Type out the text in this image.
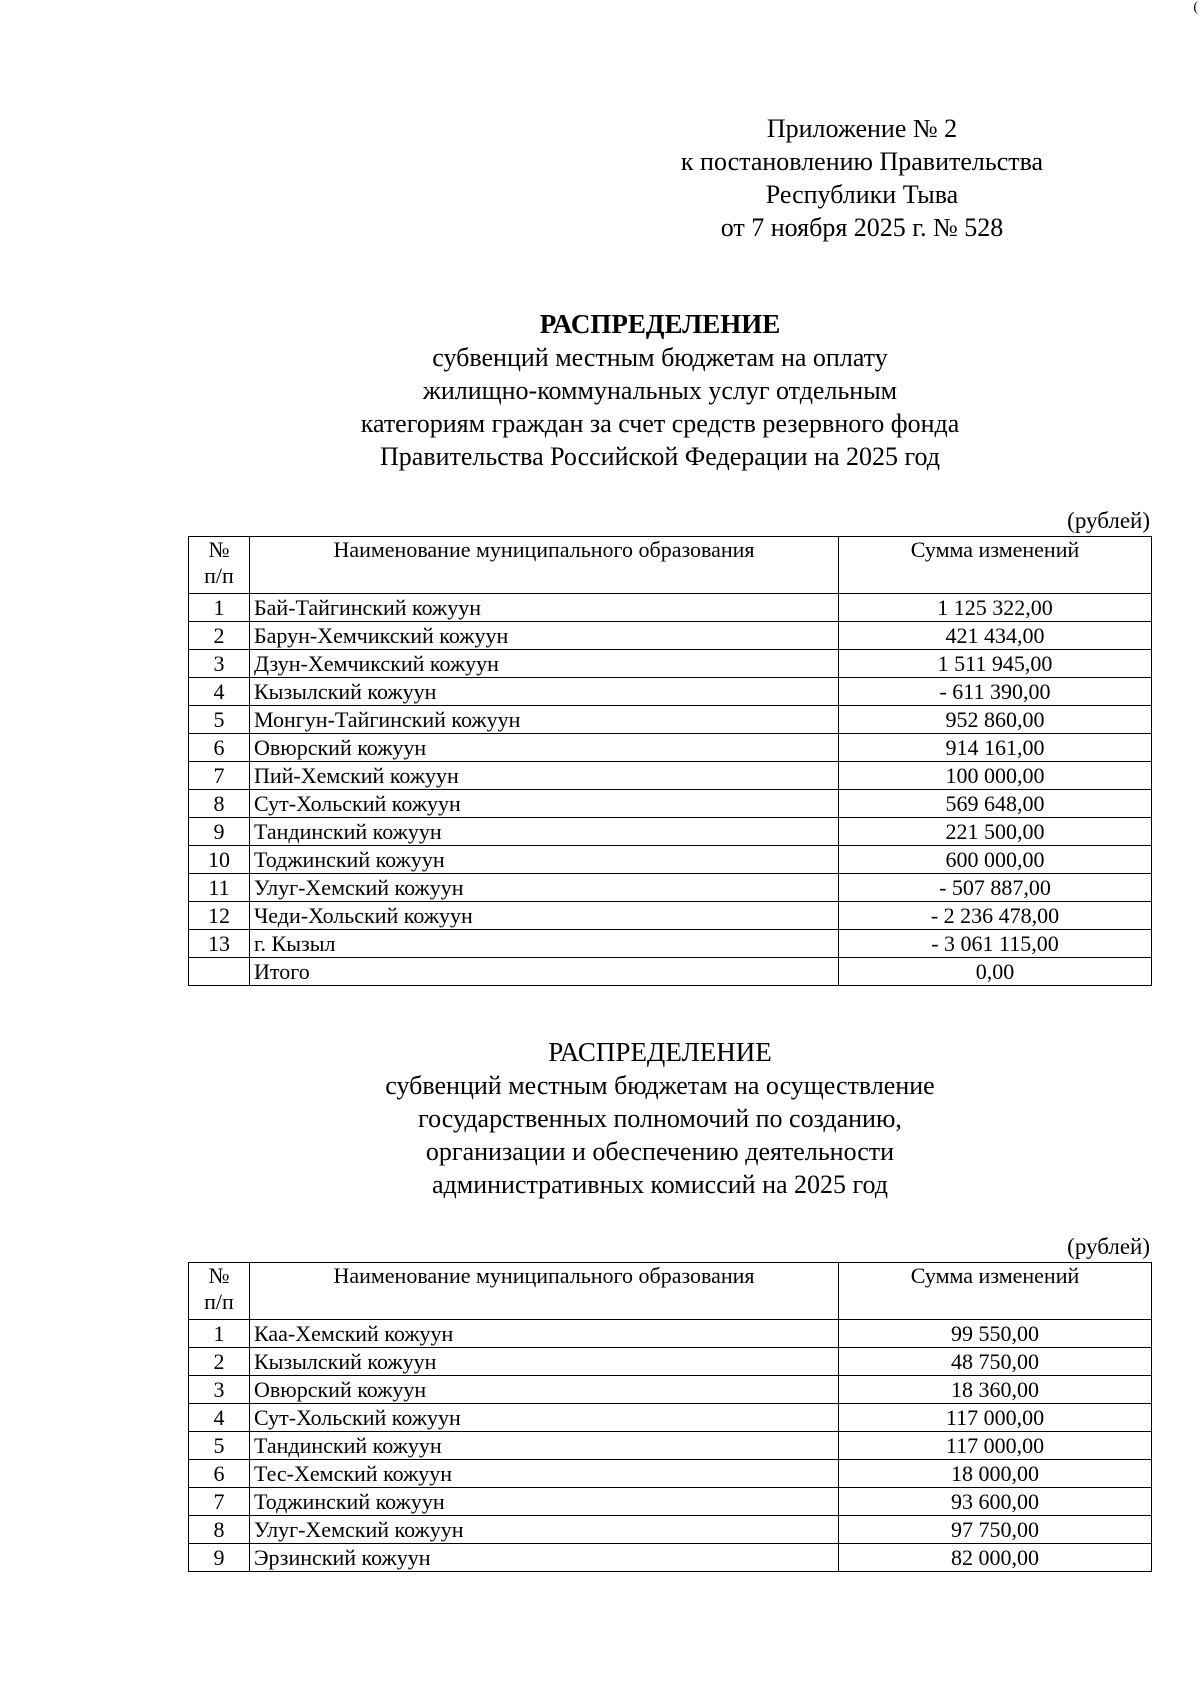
(
Приложение № 2
к постановлению Правительства
Республики Тыва
от 7 ноября 2025 г. № 528
РАСПРЕДЕЛЕНИЕ
субвенций местным бюджетам на оплату
жилищно-коммунальных услуг отдельным
категориям граждан за счет средств резервного фонда
Правительства Российской Федерации на 2025 год
(рублей)
№
п/п	Наименование муниципального образования	Сумма изменений
1	Бай-Тайгинский кожуун	1 125 322,00
2	Барун-Хемчикский кожуун	421 434,00
3	Дзун-Хемчикский кожуун	1 511 945,00
4	Кызылский кожуун	- 611 390,00
5	Монгун-Тайгинский кожуун	952 860,00
6	Овюрский кожуун	914 161,00
7	Пий-Хемский кожуун	100 000,00
8	Сут-Хольский кожуун	569 648,00
9	Тандинский кожуун	221 500,00
10	Тоджинский кожуун	600 000,00
11	Улуг-Хемский кожуун	- 507 887,00
12	Чеди-Хольский кожуун	- 2 236 478,00
13	г. Кызыл	- 3 061 115,00
	Итого	0,00
РАСПРЕДЕЛЕНИЕ
субвенций местным бюджетам на осуществление
государственных полномочий по созданию,
организации и обеспечению деятельности
административных комиссий на 2025 год
(рублей)
№
п/п	Наименование муниципального образования	Сумма изменений
1	Каа-Хемский кожуун	99 550,00
2	Кызылский кожуун	48 750,00
3	Овюрский кожуун	18 360,00
4	Сут-Хольский кожуун	117 000,00
5	Тандинский кожуун	117 000,00
6	Тес-Хемский кожуун	18 000,00
7	Тоджинский кожуун	93 600,00
8	Улуг-Хемский кожуун	97 750,00
9	Эрзинский кожуун	82 000,00
